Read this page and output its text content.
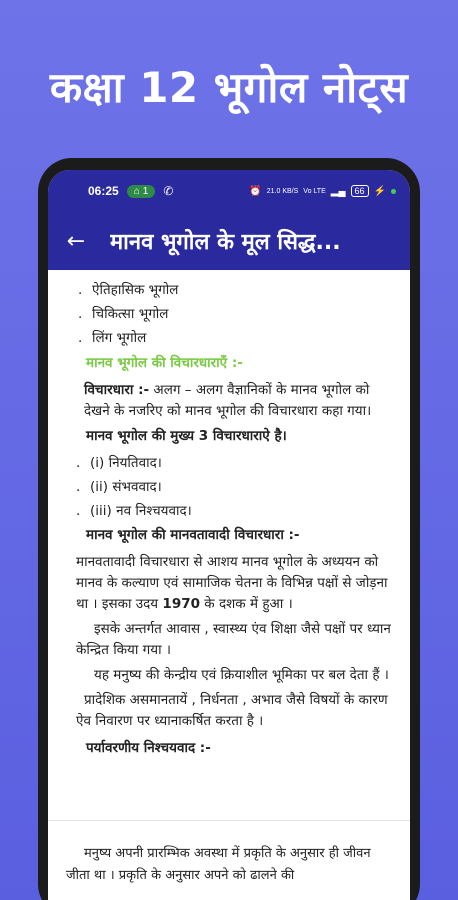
कक्षा 12 भूगोल नोट्स
06:25 ⌂ 1 ✆	⏰ 21.0 KB/S Vo LTE ▂▄	66 ⚡
←	मानव भूगोल के मूल सिद्ध...
. ऐतिहासिक भूगोल
. चिकित्सा भूगोल
. लिंग भूगोल
मानव भूगोल की विचारधाराएँ :-
विचारधारा :- अलग – अलग वैज्ञानिकों के मानव भूगोल को देखने के नजरिए को मानव भूगोल की विचारधारा कहा गया।
मानव भूगोल की मुख्य 3 विचारधाराऐ है।
. (i) नियतिवाद।
. (ii) संभववाद।
. (iii) नव निश्चयवाद।
मानव भूगोल की मानवतावादी विचारधारा :-
मानवतावादी विचारधारा से आशय मानव भूगोल के अध्ययन को मानव के कल्याण एवं सामाजिक चेतना के विभिन्न पक्षों से जोड़ना था । इसका उदय 1970 के दशक में हुआ ।
इसके अन्तर्गत आवास , स्वास्थ्य एंव शिक्षा जैसे पक्षों पर ध्यान केन्द्रित किया गया ।
यह मनुष्य की केन्द्रीय एवं क्रियाशील भूमिका पर बल देता हैं ।
प्रादेशिक असमानतायें , निर्धनता , अभाव जैसे विषयों के कारण ऐव निवारण पर ध्यानाकर्षित करता है ।
पर्यावरणीय निश्चयवाद :-
मनुष्य अपनी प्रारम्भिक अवस्था में प्रकृति के अनुसार ही जीवन जीता था । प्रकृति के अनुसार अपने को ढालने की
